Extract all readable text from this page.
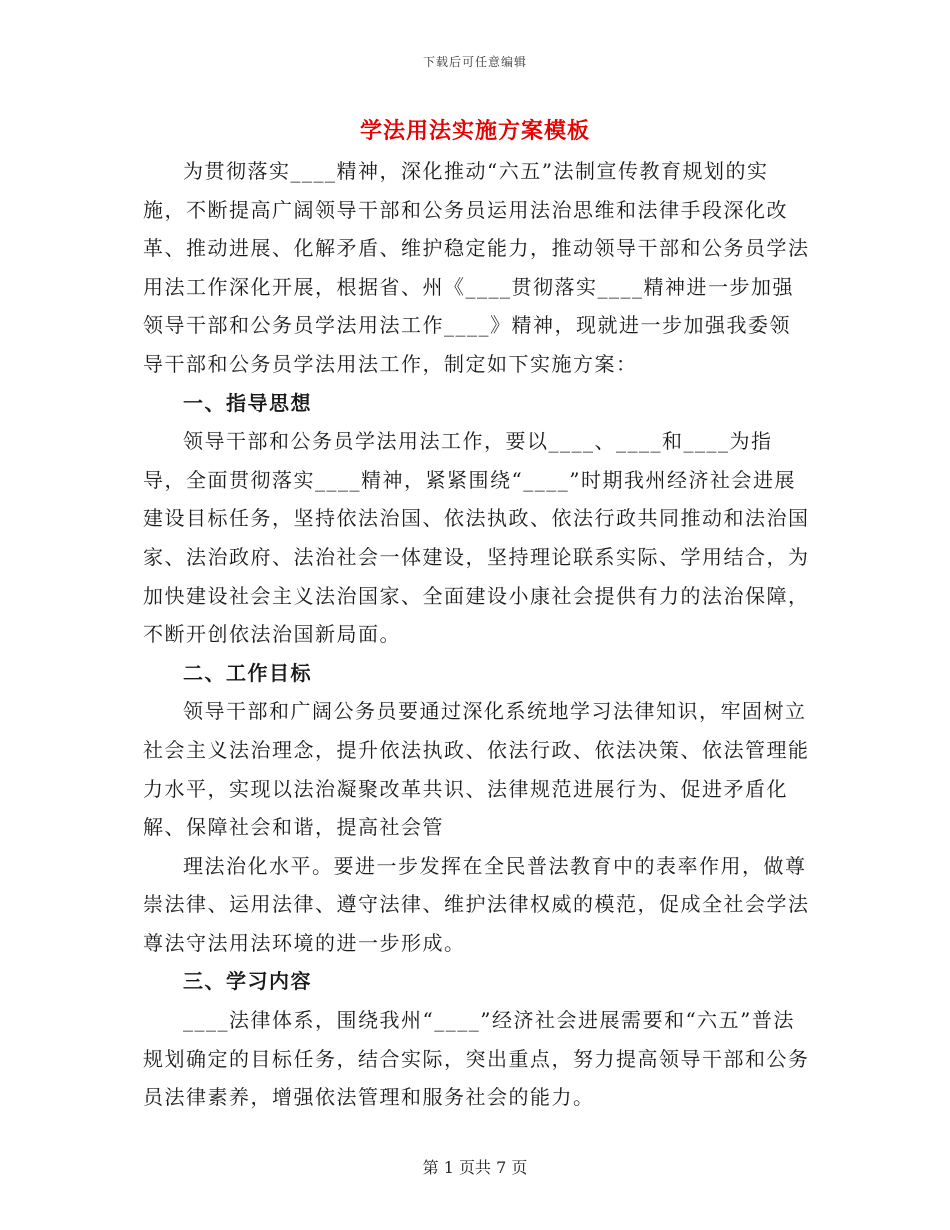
下载后可任意编辑
学法用法实施方案模板

为贯彻落实____精神，深化推动“六五”法制宣传教育规划的实施，不断提高广阔领导干部和公务员运用法治思维和法律手段深化改革、推动进展、化解矛盾、维护稳定能力，推动领导干部和公务员学法用法工作深化开展，根据省、州《____贯彻落实____精神进一步加强领导干部和公务员学法用法工作____》精神，现就进一步加强我委领导干部和公务员学法用法工作，制定如下实施方案：

一、指导思想

领导干部和公务员学法用法工作，要以____、____和____为指导，全面贯彻落实____精神，紧紧围绕“____”时期我州经济社会进展建设目标任务，坚持依法治国、依法执政、依法行政共同推动和法治国家、法治政府、法治社会一体建设，坚持理论联系实际、学用结合，为加快建设社会主义法治国家、全面建设小康社会提供有力的法治保障，不断开创依法治国新局面。

二、工作目标

领导干部和广阔公务员要通过深化系统地学习法律知识，牢固树立社会主义法治理念，提升依法执政、依法行政、依法决策、依法管理能力水平，实现以法治凝聚改革共识、法律规范进展行为、促进矛盾化解、保障社会和谐，提高社会管

理法治化水平。要进一步发挥在全民普法教育中的表率作用，做尊崇法律、运用法律、遵守法律、维护法律权威的模范，促成全社会学法尊法守法用法环境的进一步形成。

三、学习内容

____法律体系，围绕我州“____”经济社会进展需要和“六五”普法规划确定的目标任务，结合实际，突出重点，努力提高领导干部和公务员法律素养，增强依法管理和服务社会的能力。

第 1 页共 7 页
